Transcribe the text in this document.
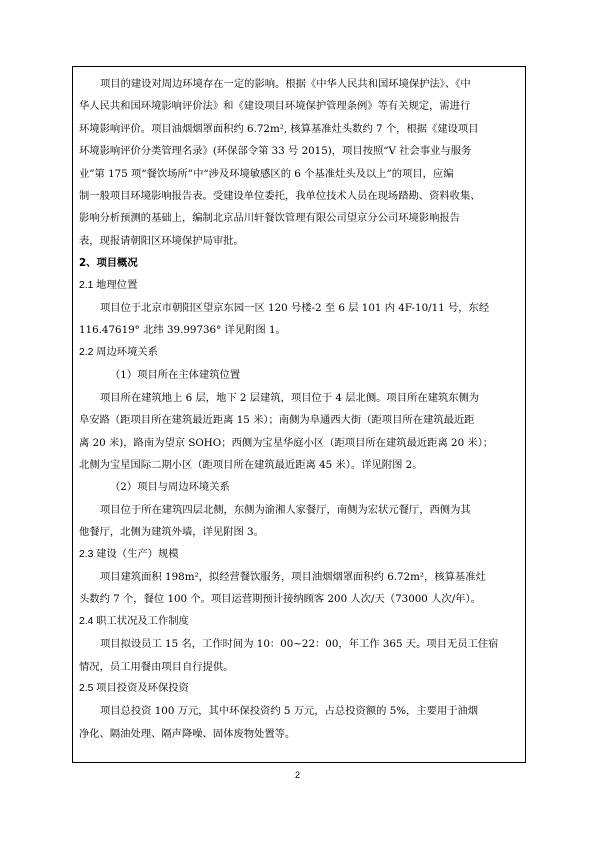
项目的建设对周边环境存在一定的影响。根据《中华人民共和国环境保护法》、《中
华人民共和国环境影响评价法》和《建设项目环境保护管理条例》等有关规定，需进行
环境影响评价。项目油烟烟罩面积约 6.72m², 核算基准灶头数约 7 个，根据《建设项目
环境影响评价分类管理名录》(环保部令第 33 号 2015)，项目按照“V 社会事业与服务
业”第 175 项“餐饮场所”中“涉及环境敏感区的 6 个基准灶头及以上”的项目，应编
制一般项目环境影响报告表。受建设单位委托，我单位技术人员在现场踏勘、资料收集、
影响分析预测的基础上，编制北京品川轩餐饮管理有限公司望京分公司环境影响报告
表，现报请朝阳区环境保护局审批。
2、项目概况
2.1 地理位置
项目位于北京市朝阳区望京东园一区 120 号楼-2 至 6 层 101 内 4F-10/11 号，东经
116.47619° 北纬 39.99736° 详见附图 1。
2.2 周边环境关系
（1）项目所在主体建筑位置
项目所在建筑地上 6 层，地下 2 层建筑，项目位于 4 层北侧。项目所在建筑东侧为
阜安路（距项目所在建筑最近距离 15 米）；南侧为阜通西大街（距项目所在建筑最近距
离 20 米)，路南为望京 SOHO；西侧为宝星华庭小区（距项目所在建筑最近距离 20 米）；
北侧为宝星国际二期小区（距项目所在建筑最近距离 45 米）。详见附图 2。
（2）项目与周边环境关系
项目位于所在建筑四层北侧，东侧为渝湘人家餐厅，南侧为宏状元餐厅，西侧为其
他餐厅，北侧为建筑外墙，详见附图 3。
2.3 建设（生产）规模
项目建筑面积 198m²，拟经营餐饮服务，项目油烟烟罩面积约 6.72m²，核算基准灶
头数约 7 个，餐位 100 个。项目运营期预计接纳顾客 200 人次/天（73000 人次/年）。
2.4 职工状况及工作制度
项目拟设员工 15 名，工作时间为 10：00~22：00，年工作 365 天。项目无员工住宿
情况，员工用餐由项目自行提供。
2.5 项目投资及环保投资
项目总投资 100 万元，其中环保投资约 5 万元，占总投资额的 5%，主要用于油烟
净化、隔油处理、隔声降噪、固体废物处置等。
2
